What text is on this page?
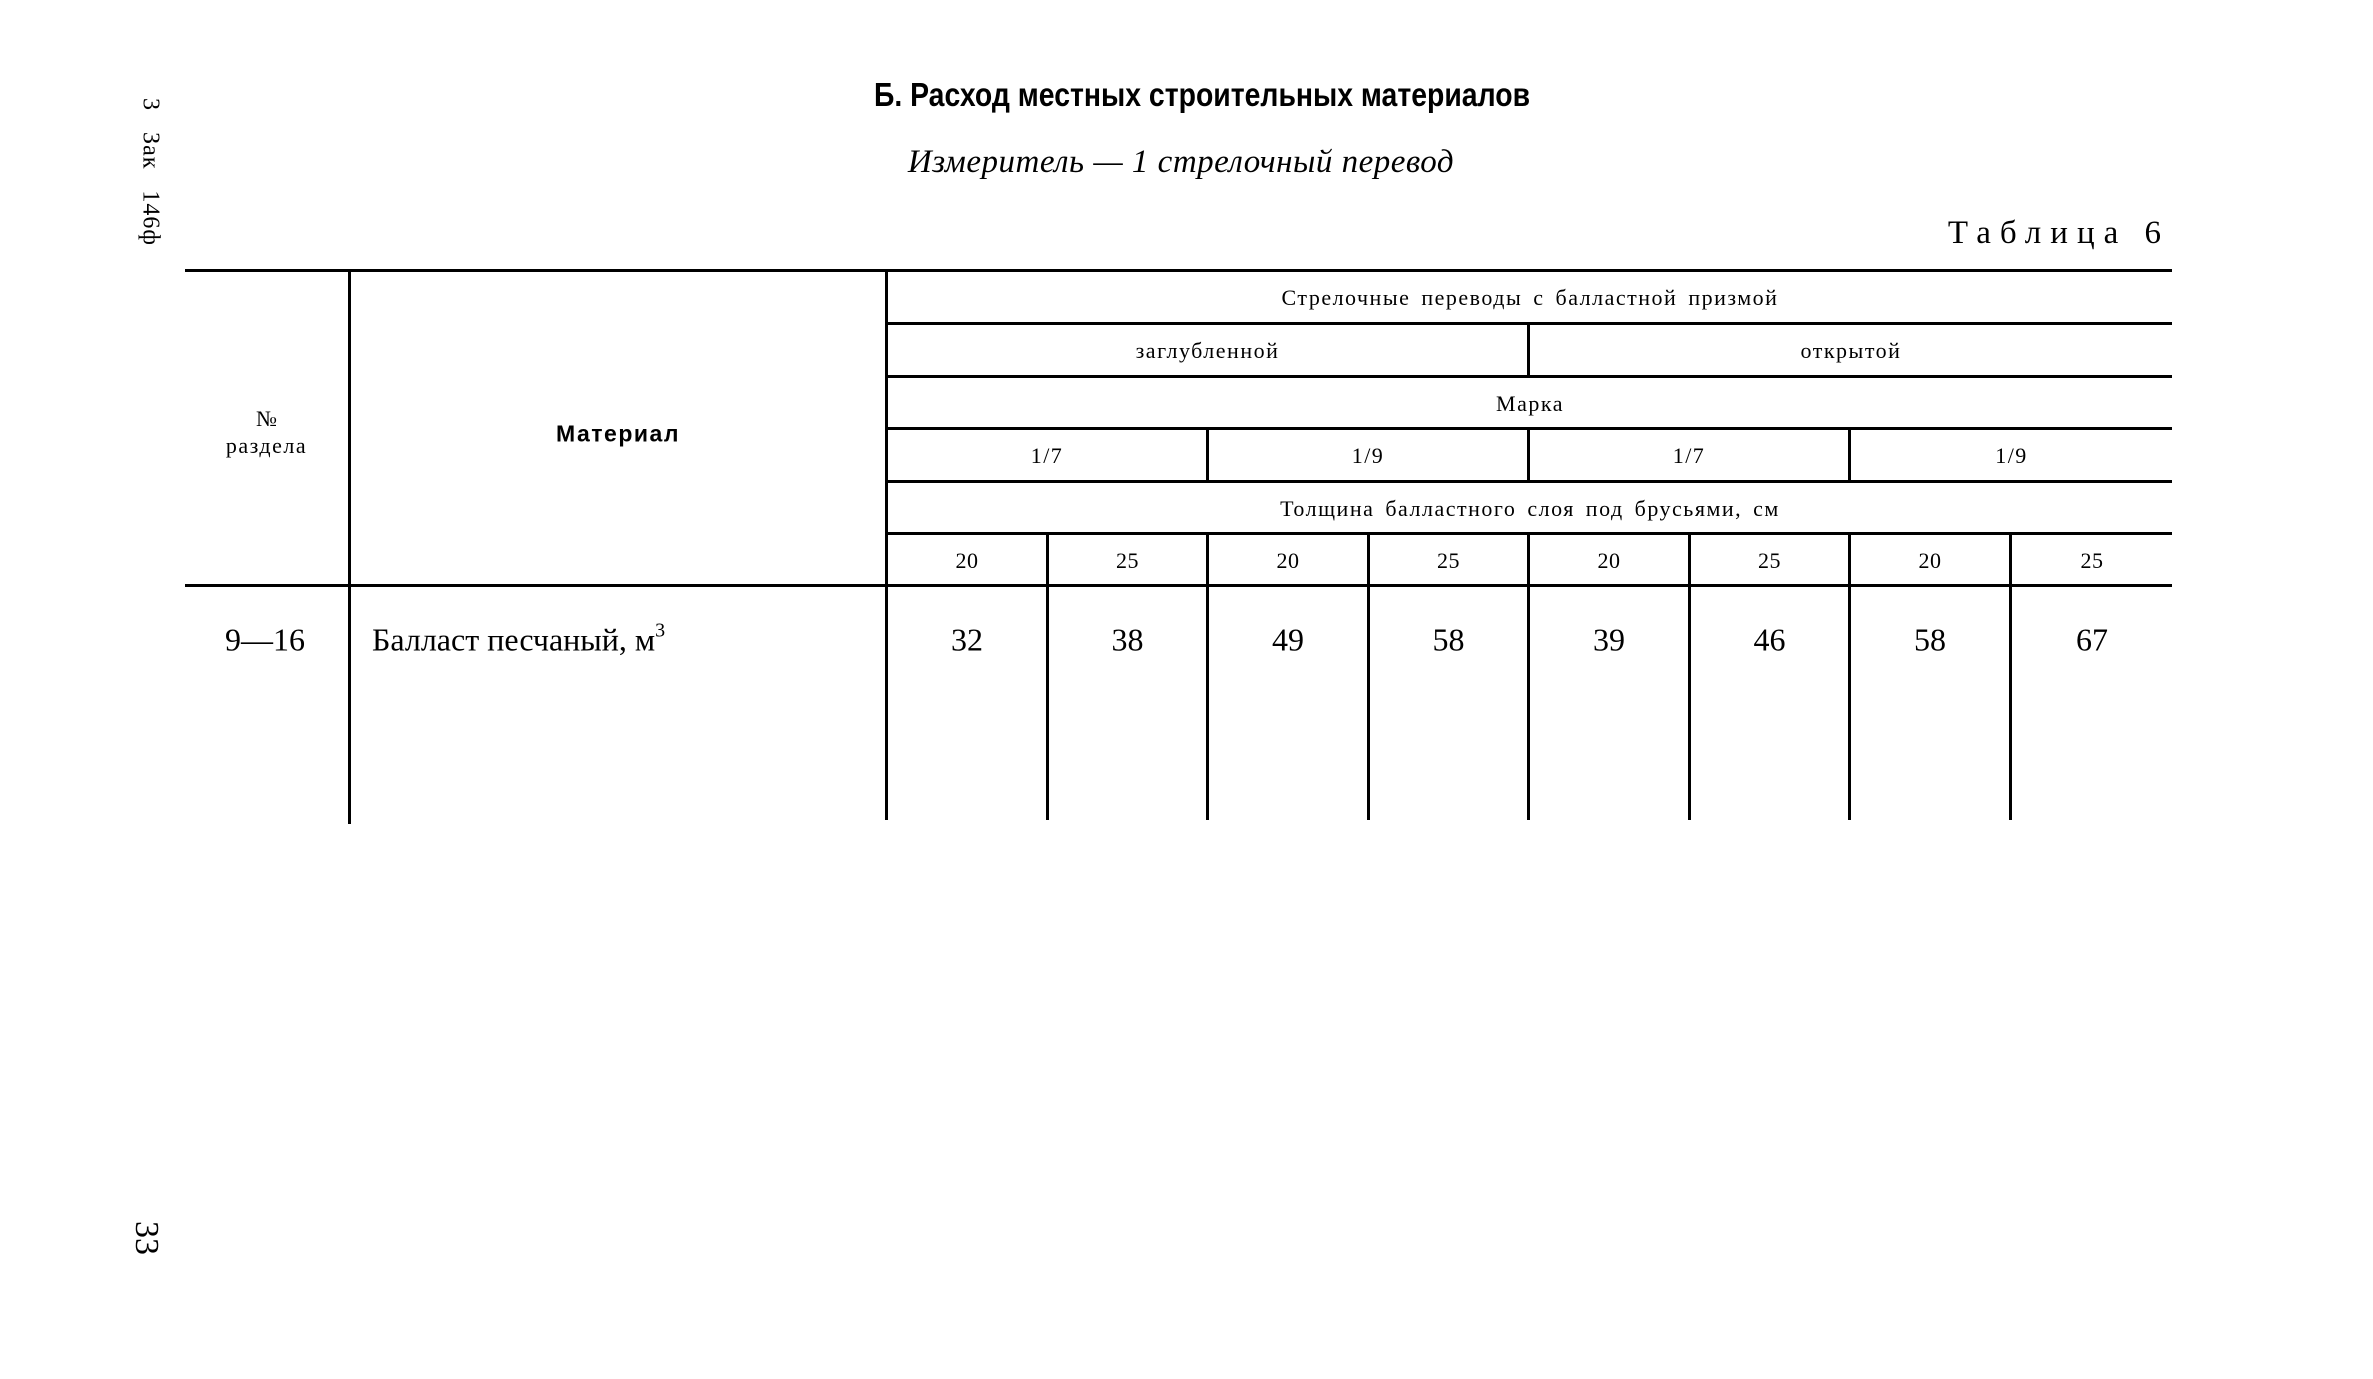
3 Зак 146ф
33
Б. Расход местных строительных материалов
Измеритель — 1 стрелочный перевод
Таблица 6
№
раздела	Материал
Стрелочные переводы с балластной призмой
заглубленной	открытой
Марка
1/7	1/9	1/7	1/9
Толщина балластного слоя под брусьями, см
20	25	20	25	20	25	20	25
9—16	Балласт песчаный, $м^3$	32	38	49	58	39	46	58	67
